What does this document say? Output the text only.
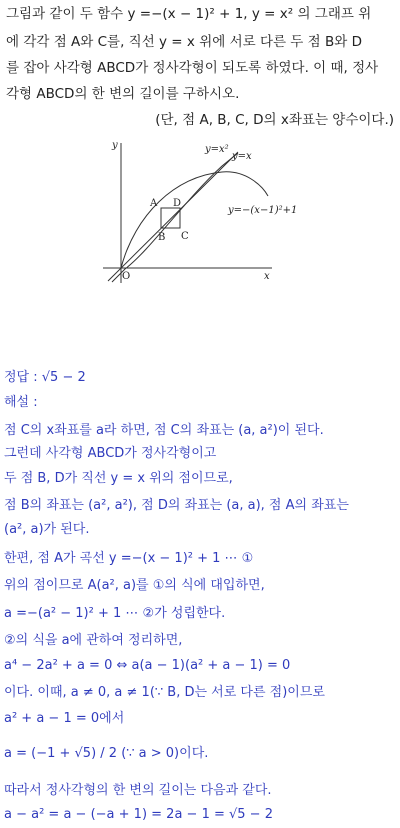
그림과 같이 두 함수 y =−(x − 1)² + 1, y = x² 의 그래프 위
에 각각 점 A와 C를, 직선 y = x 위에 서로 다른 두 점 B와 D
를 잡아 사각형 ABCD가 정사각형이 되도록 하였다. 이 때, 정사
각형 ABCD의 한 변의 길이를 구하시오.
(단, 점 A, B, C, D의 x좌표는 양수이다.)
y
x
O
y=x²
y=x
y=−(x−1)²+1
A
B C
D
정답 : √5 − 2
해설 :
점 C의 x좌표를 a라 하면, 점 C의 좌표는 (a, a²)이 된다.
그런데 사각형 ABCD가 정사각형이고
두 점 B, D가 직선 y = x 위의 점이므로,
점 B의 좌표는 (a², a²), 점 D의 좌표는 (a, a), 점 A의 좌표는
(a², a)가 된다.
한편, 점 A가 곡선 y =−(x − 1)² + 1 ⋯ ①
위의 점이므로 A(a², a)를 ①의 식에 대입하면,
a =−(a² − 1)² + 1 ⋯ ②가 성립한다.
②의 식을 a에 관하여 정리하면,
a⁴ − 2a² + a = 0 ⇔ a(a − 1)(a² + a − 1) = 0
이다. 이때, a ≠ 0, a ≠ 1(∵ B, D는 서로 다른 점)이므로
a² + a − 1 = 0에서
a = (−1 + √5) / 2 (∵ a > 0)이다.
따라서 정사각형의 한 변의 길이는 다음과 같다.
a − a² = a − (−a + 1) = 2a − 1 = √5 − 2
